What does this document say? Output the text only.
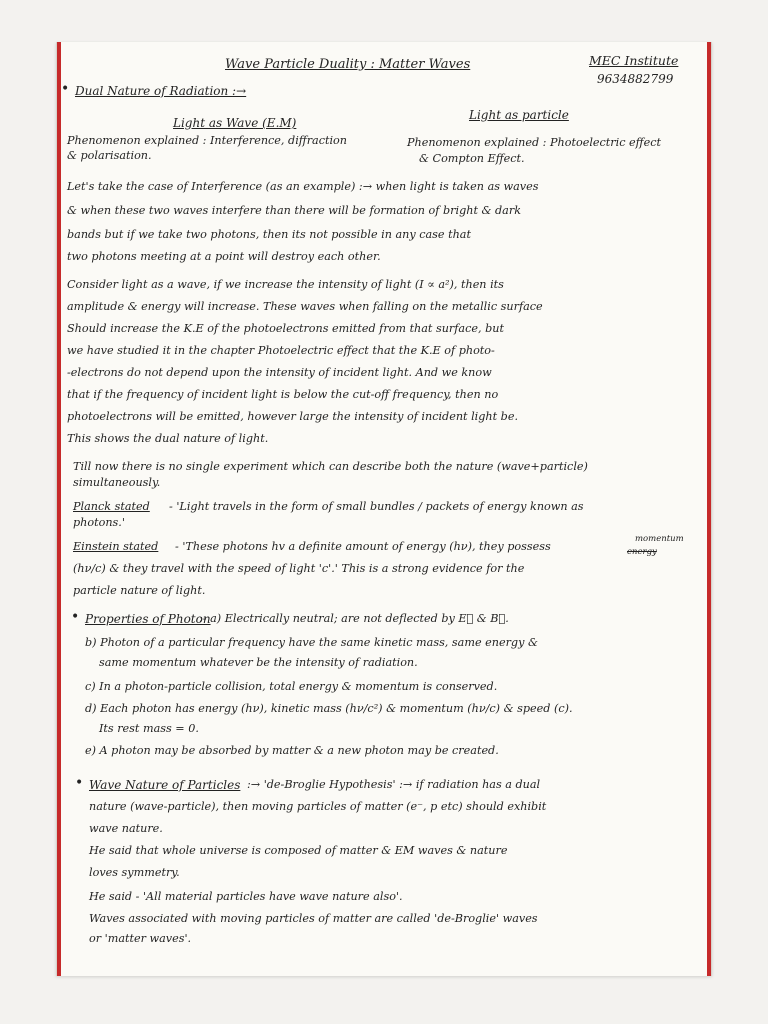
Wave Particle Duality : Matter Waves	MEC Institute
9634882799
• Dual Nature of Radiation :→
Light as Wave (E.M)
Light as particle
Phenomenon explained : Interference, diffraction
& polarisation.
Phenomenon explained : Photoelectric effect
& Compton Effect.
Let's take the case of Interference (as an example) :→ when light is taken as waves
& when these two waves interfere than there will be formation of bright & dark
bands but if we take two photons, then its not possible in any case that
two photons meeting at a point will destroy each other.
Consider light as a wave, if we increase the intensity of light (I ∝ a²), then its
amplitude & energy will increase. These waves when falling on the metallic surface
Should increase the K.E of the photoelectrons emitted from that surface, but
we have studied it in the chapter Photoelectric effect that the K.E of photo-
-electrons do not depend upon the intensity of incident light. And we know
that if the frequency of incident light is below the cut-off frequency, then no
photoelectrons will be emitted, however large the intensity of incident light be.
This shows the dual nature of light.
Till now there is no single experiment which can describe both the nature (wave+particle)
simultaneously.
Planck stated - 'Light travels in the form of small bundles / packets of energy known as
photons.'
momentum
Einstein stated - 'These photons hv a definite amount of energy (hν), they possess	energy
(hν/c) & they travel with the speed of light 'c'.' This is a strong evidence for the
particle nature of light.
• Properties of Photon
:- a) Electrically neutral; are not deflected by E⃗ & B⃗.
b) Photon of a particular frequency have the same kinetic mass, same energy &
same momentum whatever be the intensity of radiation.
c) In a photon-particle collision, total energy & momentum is conserved.
d) Each photon has energy (hν), kinetic mass (hν/c²) & momentum (hν/c) & speed (c).
Its rest mass = 0.
e) A photon may be absorbed by matter & a new photon may be created.
• Wave Nature of Particles :→ 'de-Broglie Hypothesis' :→ if radiation has a dual
nature (wave-particle), then moving particles of matter (e⁻, p etc) should exhibit
wave nature.
He said that whole universe is composed of matter & EM waves & nature
loves symmetry.
He said - 'All material particles have wave nature also'.
Waves associated with moving particles of matter are called 'de-Broglie' waves
or 'matter waves'.
